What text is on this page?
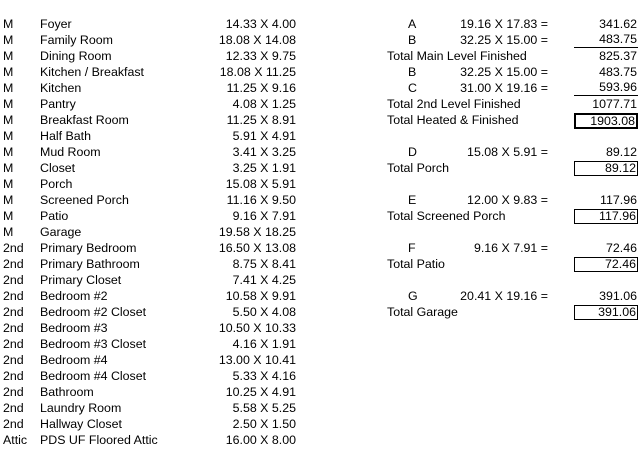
M Foyer	14.33 X 4.00
M Family Room	18.08 X 14.08
M Dining Room	12.33 X 9.75
M Kitchen / Breakfast	18.08 X 11.25
M Kitchen	11.25 X 9.16
M Pantry	4.08 X 1.25
M Breakfast Room	11.25 X 8.91
M Half Bath	5.91 X 4.91
M Mud Room	3.41 X 3.25
M Closet	3.25 X 1.91
M Porch	15.08 X 5.91
M Screened Porch	11.16 X 9.50
M Patio	9.16 X 7.91
M Garage	19.58 X 18.25
2nd Primary Bedroom	16.50 X 13.08
2nd Primary Bathroom	8.75 X 8.41
2nd Primary Closet	7.41 X 4.25
2nd Bedroom #2	10.58 X 9.91
2nd Bedroom #2 Closet	5.50 X 4.08
2nd Bedroom #3	10.50 X 10.33
2nd Bedroom #3 Closet	4.16 X 1.91
2nd Bedroom #4	13.00 X 10.41
2nd Bedroom #4 Closet	5.33 X 4.16
2nd Bathroom	10.25 X 4.91
2nd Laundry Room	5.58 X 5.25
2nd Hallway Closet	2.50 X 1.50
Attic PDS UF Floored Attic	16.00 X 8.00
A	19.16 X 17.83 =	341.62
B	32.25 X 15.00 =	483.75
Total Main Level Finished	825.37
B	32.25 X 15.00 =	483.75
C	31.00 X 19.16 =	593.96
Total 2nd Level Finished	1077.71
Total Heated & Finished	1903.08
D	15.08 X 5.91 =	89.12
Total Porch	89.12
E	12.00 X 9.83 =	117.96
Total Screened Porch	117.96
F	9.16 X 7.91 =	72.46
Total Patio	72.46
G	20.41 X 19.16 =	391.06
Total Garage	391.06
